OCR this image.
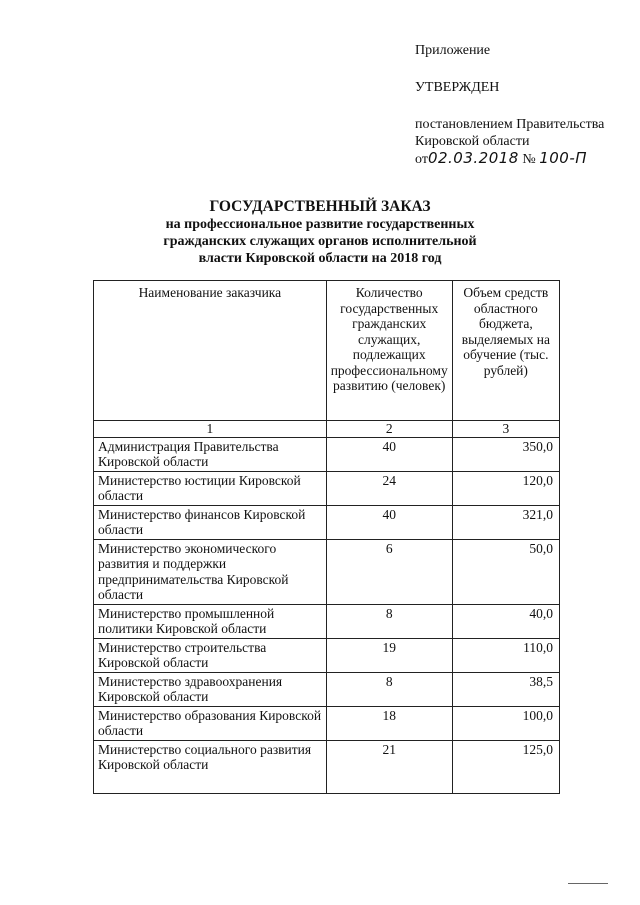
Приложение

УТВЕРЖДЕН

постановлением Правительства

Кировской области

от02.03.2018 № 100-П

ГОСУДАРСТВЕННЫЙ ЗАКАЗ
на профессиональное развитие государственных
гражданских служащих органов исполнительной
власти Кировской области на 2018 год
Наименование заказчика	Количество государственных гражданских служащих, подлежащих профессиональному развитию (человек)	Объем средств областного бюджета, выделяемых на обучение (тыс. рублей)
1	2	3
Администрация Правительства Кировской области	40	350,0
Министерство юстиции Кировской области	24	120,0
Министерство финансов Кировской области	40	321,0
Министерство экономического развития и поддержки предпринимательства Кировской области	6	50,0
Министерство промышленной политики Кировской области	8	40,0
Министерство строительства Кировской области	19	110,0
Министерство здравоохранения Кировской области	8	38,5
Министерство образования Кировской области	18	100,0
Министерство социального развития Кировской области	21	125,0
